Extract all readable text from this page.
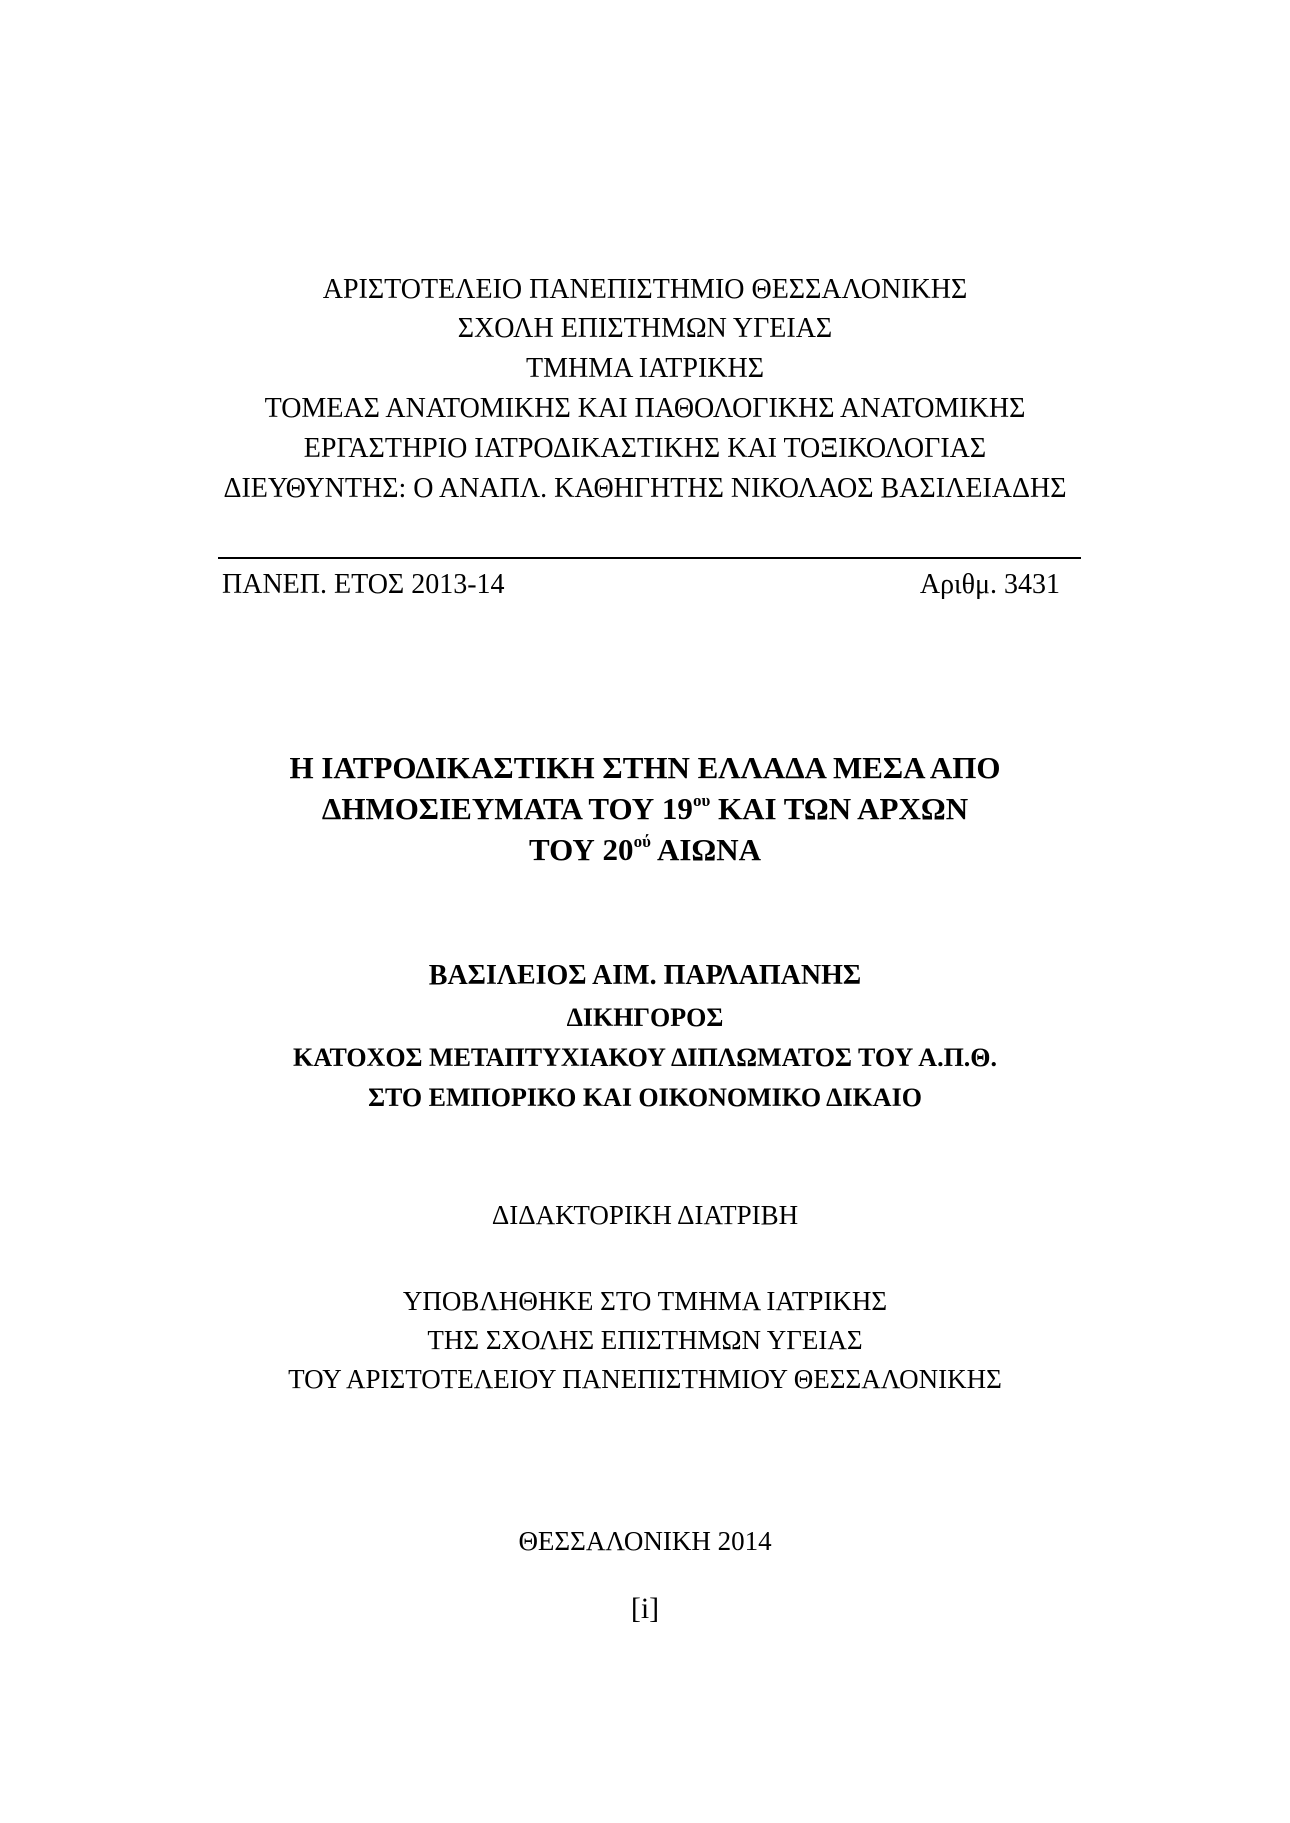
ΑΡΙΣΤΟΤΕΛΕΙΟ ΠΑΝΕΠΙΣΤΗΜΙΟ ΘΕΣΣΑΛΟΝΙΚΗΣ
ΣΧΟΛΗ ΕΠΙΣΤΗΜΩΝ ΥΓΕΙΑΣ
ΤΜΗΜΑ ΙΑΤΡΙΚΗΣ
ΤΟΜΕΑΣ ΑΝΑΤΟΜΙΚΗΣ ΚΑΙ ΠΑΘΟΛΟΓΙΚΗΣ ΑΝΑΤΟΜΙΚΗΣ
ΕΡΓΑΣΤΗΡΙΟ ΙΑΤΡΟΔΙΚΑΣΤΙΚΗΣ ΚΑΙ ΤΟΞΙΚΟΛΟΓΙΑΣ
ΔΙΕΥΘΥΝΤΗΣ: Ο ΑΝΑΠΛ. ΚΑΘΗΓΗΤΗΣ ΝΙΚΟΛΑΟΣ ΒΑΣΙΛΕΙΑΔΗΣ
ΠΑΝΕΠ. ΕΤΟΣ 2013-14	Αριθμ. 3431
Η ΙΑΤΡΟΔΙΚΑΣΤΙΚΗ ΣΤΗΝ ΕΛΛΑΔΑ ΜΕΣΑ ΑΠΟ
ΔΗΜΟΣΙΕΥΜΑΤΑ ΤΟΥ $19^{o\upsilon}$ ΚΑΙ ΤΩΝ ΑΡΧΩΝ
ΤΟΥ $20^{oύ}$ ΑΙΩΝΑ
ΒΑΣΙΛΕΙΟΣ ΑΙΜ. ΠΑΡΛΑΠΑΝΗΣ
ΔΙΚΗΓΟΡΟΣ
ΚΑΤΟΧΟΣ ΜΕΤΑΠΤΥΧΙΑΚΟΥ ΔΙΠΛΩΜΑΤΟΣ ΤΟΥ Α.Π.Θ.
ΣΤΟ ΕΜΠΟΡΙΚΟ ΚΑΙ ΟΙΚΟΝΟΜΙΚΟ ΔΙΚΑΙΟ
ΔΙΔΑΚΤΟΡΙΚΗ ΔΙΑΤΡΙΒΗ
ΥΠΟΒΛΗΘΗΚΕ ΣΤΟ ΤΜΗΜΑ ΙΑΤΡΙΚΗΣ
ΤΗΣ ΣΧΟΛΗΣ ΕΠΙΣΤΗΜΩΝ ΥΓΕΙΑΣ
ΤΟΥ ΑΡΙΣΤΟΤΕΛΕΙΟΥ ΠΑΝΕΠΙΣΤΗΜΙΟΥ ΘΕΣΣΑΛΟΝΙΚΗΣ
ΘΕΣΣΑΛΟΝΙΚΗ 2014
[i]
